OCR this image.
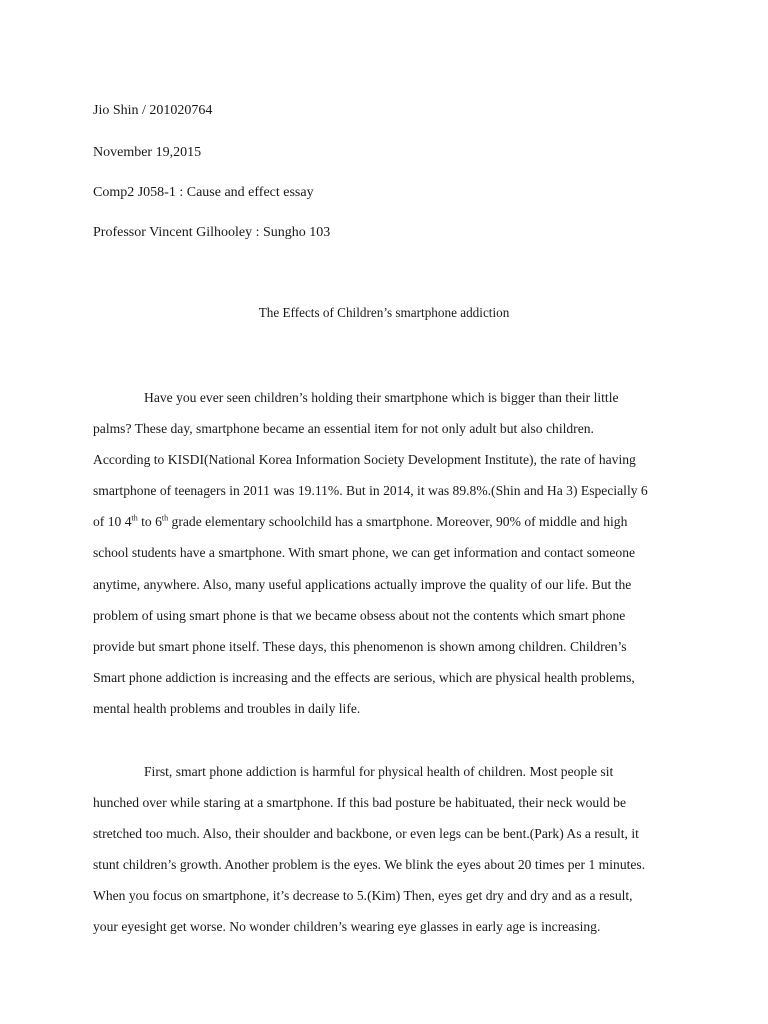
Jio Shin / 201020764
November 19,2015
Comp2 J058-1 : Cause and effect essay
Professor Vincent Gilhooley : Sungho 103
The Effects of Children’s smartphone addiction
Have you ever seen children’s holding their smartphone which is bigger than their little
palms? These day, smartphone became an essential item for not only adult but also children.
According to KISDI(National Korea Information Society Development Institute), the rate of having
smartphone of teenagers in 2011 was 19.11%. But in 2014, it was 89.8%.(Shin and Ha 3) Especially 6
of 10 4th to 6th grade elementary schoolchild has a smartphone. Moreover, 90% of middle and high
school students have a smartphone. With smart phone, we can get information and contact someone
anytime, anywhere. Also, many useful applications actually improve the quality of our life. But the
problem of using smart phone is that we became obsess about not the contents which smart phone
provide but smart phone itself. These days, this phenomenon is shown among children. Children’s
Smart phone addiction is increasing and the effects are serious, which are physical health problems,
mental health problems and troubles in daily life.
First, smart phone addiction is harmful for physical health of children. Most people sit
hunched over while staring at a smartphone. If this bad posture be habituated, their neck would be
stretched too much. Also, their shoulder and backbone, or even legs can be bent.(Park) As a result, it
stunt children’s growth. Another problem is the eyes. We blink the eyes about 20 times per 1 minutes.
When you focus on smartphone, it’s decrease to 5.(Kim) Then, eyes get dry and dry and as a result,
your eyesight get worse. No wonder children’s wearing eye glasses in early age is increasing.
